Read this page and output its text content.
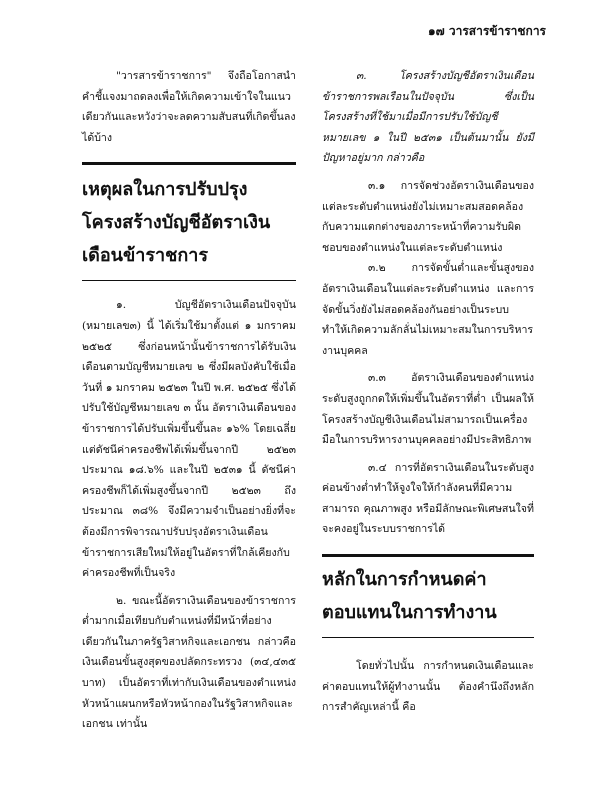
๑๗ วารสารข้าราชการ

"วารสารข้าราชการ" จึงถือโอกาสนำคำชี้แจงมาถดลงเพื่อให้เกิดความเข้าใจในแนวเดียวกันและหวังว่าจะลดความสับสนที่เกิดขึ้นลงได้บ้าง

เหตุผลในการปรับปรุงโครงสร้างบัญชีอัตราเงินเดือนข้าราชการ

๑. บัญชีอัตราเงินเดือนปัจจุบัน (หมายเลข๓) นี้ ได้เริ่มใช้มาตั้งแต่ ๑ มกราคม ๒๕๒๕ ซึ่งก่อนหน้านั้นข้าราชการได้รับเงินเดือนตามบัญชีหมายเลข ๒ ซึ่งมีผลบังคับใช้เมื่อวันที่ ๑ มกราคม ๒๕๒๓ ในปี พ.ศ. ๒๕๒๕ ซึ่งได้ปรับใช้บัญชีหมายเลข ๓ นั้น อัตราเงินเดือนของข้าราชการได้ปรับเพิ่มขึ้นขึ้นละ ๑๖% โดยเฉลี่ย แต่ดัชนีค่าครองชีพได้เพิ่มขึ้นจากปี ๒๕๒๓ ประมาณ ๑๘.๖% และในปี ๒๕๓๑ นี้ ดัชนีค่าครองชีพก็ได้เพิ่มสูงขึ้นจากปี ๒๕๒๓ ถึงประมาณ ๓๘% จึงมีความจำเป็นอย่างยิ่งที่จะต้องมีการพิจารณาปรับปรุงอัตราเงินเดือนข้าราชการเสียใหม่ให้อยู่ในอัตราที่ใกล้เคียงกับค่าครองชีพที่เป็นจริง

๒. ขณะนี้อัตราเงินเดือนของข้าราชการต่ำมากเมื่อเทียบกับตำแหน่งที่มีหน้าที่อย่างเดียวกันในภาครัฐวิสาหกิจและเอกชน กล่าวคือ เงินเดือนขั้นสูงสุดของปลัดกระทรวง (๓๔,๔๓๕ บาท) เป็นอัตราที่เท่ากับเงินเดือนของตำแหน่งหัวหน้าแผนกหรือหัวหน้ากองในรัฐวิสาหกิจและเอกชน เท่านั้น

๓. โครงสร้างบัญชีอัตราเงินเดือนข้าราชการพลเรือนในปัจจุบัน ซึ่งเป็นโครงสร้างที่ใช้มาเมื่อมีการปรับใช้บัญชีหมายเลข ๑ ในปี ๒๕๓๑ เป็นต้นมานั้น ยังมีปัญหาอยู่มาก กล่าวคือ

๓.๑ การจัดช่วงอัตราเงินเดือนของแต่ละระดับตำแหน่งยังไม่เหมาะสมสอดคล้องกับความแตกต่างของภาระหน้าที่ความรับผิดชอบของตำแหน่งในแต่ละระดับตำแหน่ง

๓.๒ การจัดขั้นต่ำและขั้นสูงของอัตราเงินเดือนในแต่ละระดับตำแหน่ง และการจัดขั้นวิ่งยังไม่สอดคล้องกันอย่างเป็นระบบทำให้เกิดความลักลั่นไม่เหมาะสมในการบริหารงานบุคคล

๓.๓ อัตราเงินเดือนของตำแหน่งระดับสูงถูกกดให้เพิ่มขึ้นในอัตราที่ต่ำ เป็นผลให้โครงสร้างบัญชีเงินเดือนไม่สามารถเป็นเครื่องมือในการบริหารงานบุคคลอย่างมีประสิทธิภาพ

๓.๔ การที่อัตราเงินเดือนในระดับสูงค่อนข้างต่ำทำให้จูงใจให้กำลังคนที่มีความสามารถ คุณภาพสูง หรือมีลักษณะพิเศษสนใจที่จะคงอยู่ในระบบราชการได้

หลักในการกำหนดค่าตอบแทนในการทำงาน

โดยทั่วไปนั้น การกำหนดเงินเดือนและค่าตอบแทนให้ผู้ทำงานนั้น ต้องคำนึงถึงหลักการสำคัญเหล่านี้ คือ
